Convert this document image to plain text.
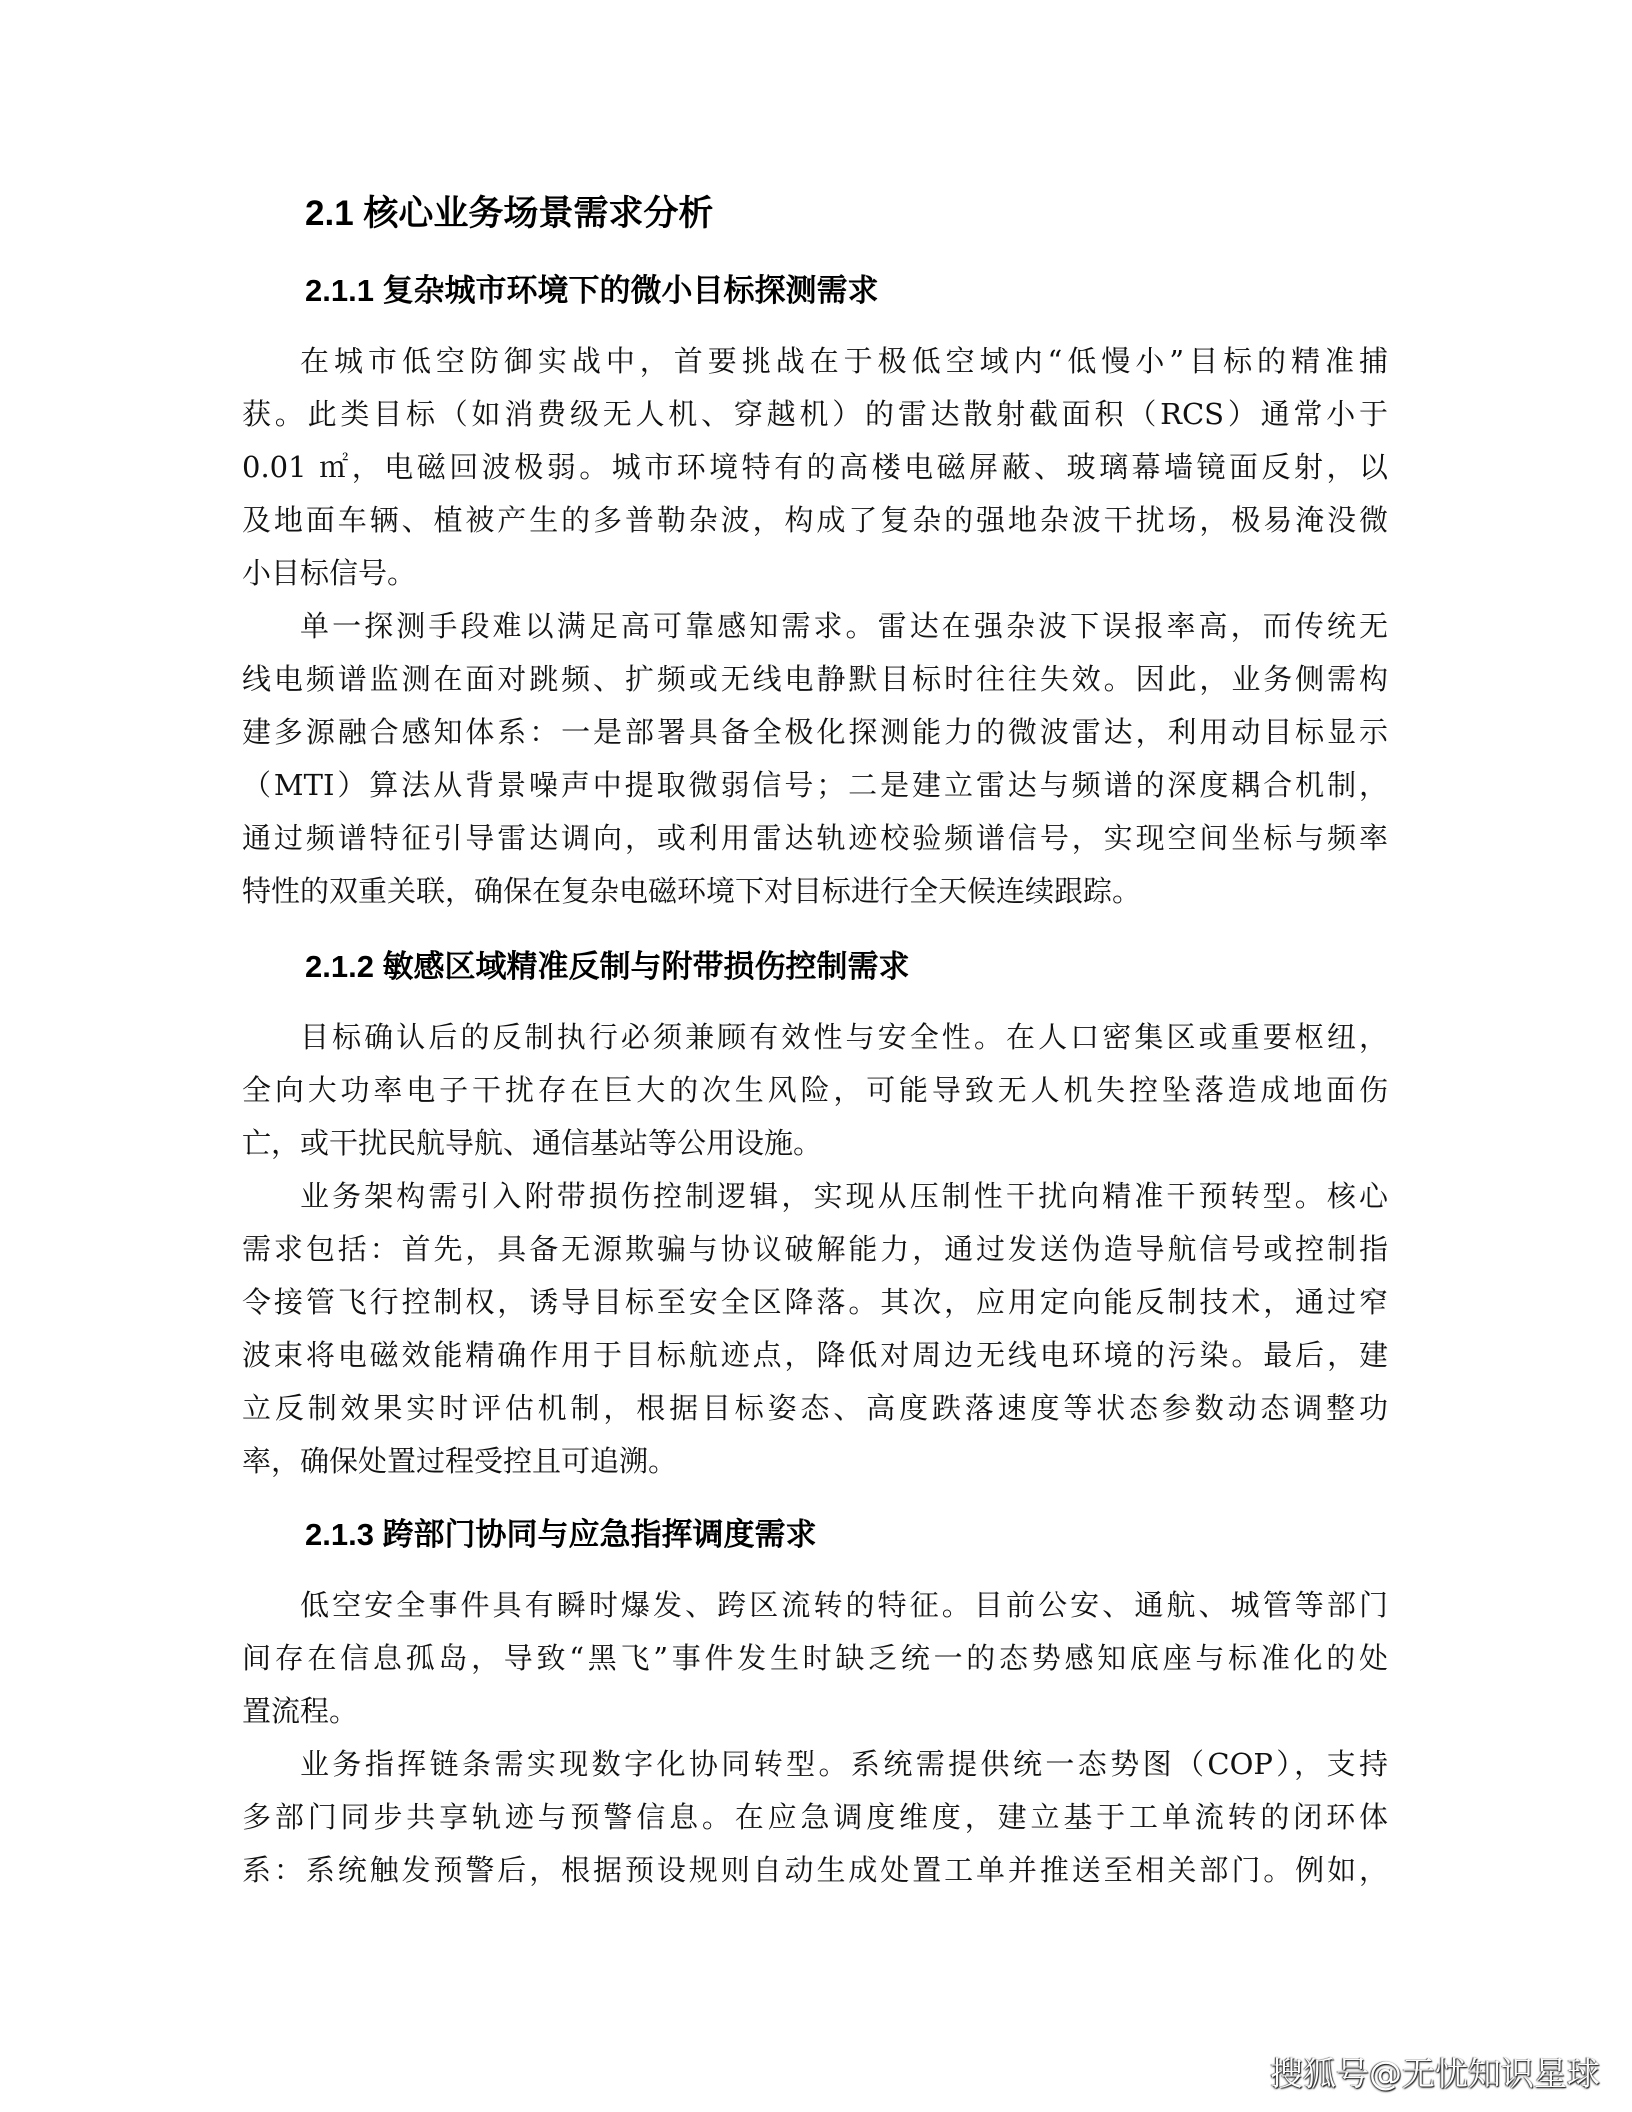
2.1 核心业务场景需求分析
2.1.1 复杂城市环境下的微小目标探测需求
在城市低空防御实战中，首要挑战在于极低空域内“低慢小”目标的精准捕
获。此类目标（如消费级无人机、穿越机）的雷达散射截面积（RCS）通常小于
0.01 ㎡，电磁回波极弱。城市环境特有的高楼电磁屏蔽、玻璃幕墙镜面反射，以
及地面车辆、植被产生的多普勒杂波，构成了复杂的强地杂波干扰场，极易淹没微
小目标信号。
单一探测手段难以满足高可靠感知需求。雷达在强杂波下误报率高，而传统无
线电频谱监测在面对跳频、扩频或无线电静默目标时往往失效。因此，业务侧需构
建多源融合感知体系：一是部署具备全极化探测能力的微波雷达，利用动目标显示
（MTI）算法从背景噪声中提取微弱信号；二是建立雷达与频谱的深度耦合机制，
通过频谱特征引导雷达调向，或利用雷达轨迹校验频谱信号，实现空间坐标与频率
特性的双重关联，确保在复杂电磁环境下对目标进行全天候连续跟踪。
2.1.2 敏感区域精准反制与附带损伤控制需求
目标确认后的反制执行必须兼顾有效性与安全性。在人口密集区或重要枢纽，
全向大功率电子干扰存在巨大的次生风险，可能导致无人机失控坠落造成地面伤
亡，或干扰民航导航、通信基站等公用设施。
业务架构需引入附带损伤控制逻辑，实现从压制性干扰向精准干预转型。核心
需求包括：首先，具备无源欺骗与协议破解能力，通过发送伪造导航信号或控制指
令接管飞行控制权，诱导目标至安全区降落。其次，应用定向能反制技术，通过窄
波束将电磁效能精确作用于目标航迹点，降低对周边无线电环境的污染。最后，建
立反制效果实时评估机制，根据目标姿态、高度跌落速度等状态参数动态调整功
率，确保处置过程受控且可追溯。
2.1.3 跨部门协同与应急指挥调度需求
低空安全事件具有瞬时爆发、跨区流转的特征。目前公安、通航、城管等部门
间存在信息孤岛，导致“黑飞”事件发生时缺乏统一的态势感知底座与标准化的处
置流程。
业务指挥链条需实现数字化协同转型。系统需提供统一态势图（COP），支持
多部门同步共享轨迹与预警信息。在应急调度维度，建立基于工单流转的闭环体
系：系统触发预警后，根据预设规则自动生成处置工单并推送至相关部门。例如，
搜狐号@无忧知识星球
